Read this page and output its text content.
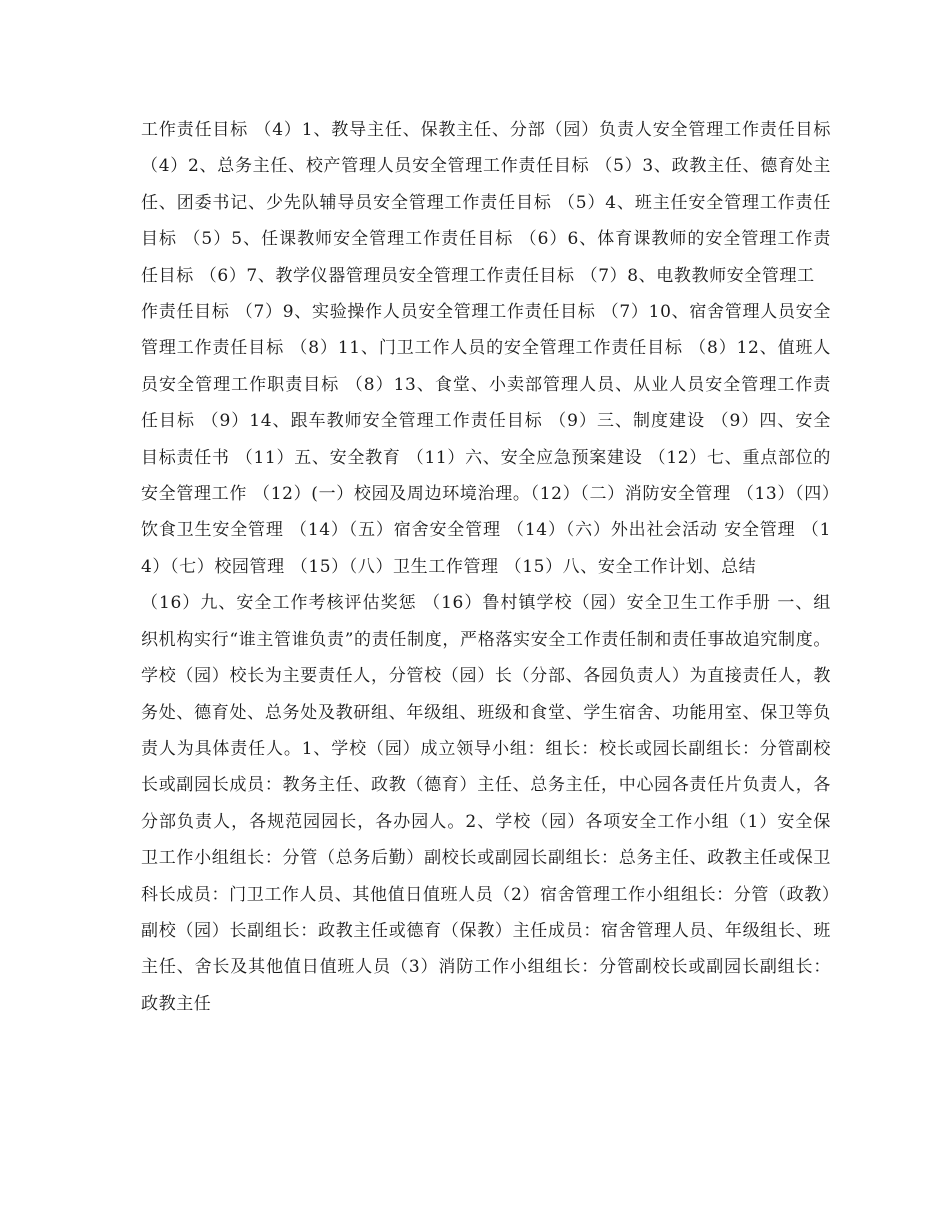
工作责任目标 （4）1、教导主任、保教主任、分部（园）负责人安全管理工作责任目标 （4）2、总务主任、校产管理人员安全管理工作责任目标 （5）3、政教主任、德育处主任、团委书记、少先队辅导员安全管理工作责任目标 （5）4、班主任安全管理工作责任目标 （5）5、任课教师安全管理工作责任目标 （6）6、体育课教师的安全管理工作责任目标 （6）7、教学仪器管理员安全管理工作责任目标 （7）8、电教教师安全管理工

作责任目标 （7）9、实验操作人员安全管理工作责任目标 （7）10、宿舍管理人员安全管理工作责任目标 （8）11、门卫工作人员的安全管理工作责任目标 （8）12、值班人员安全管理工作职责目标 （8）13、食堂、小卖部管理人员、从业人员安全管理工作责任目标 （9）14、跟车教师安全管理工作责任目标 （9）三、制度建设 （9）四、安全目标责任书 （11）五、安全教育 （11）六、安全应急预案建设 （12）七、重点部位的安全管理工作 （12）(一）校园及周边环境治理。（12）（二）消防安全管理 （13）（四）饮食卫生安全管理 （14）（五）宿舍安全管理 （14）（六）外出社会活动 安全管理 （14）（七）校园管理 （15）（八）卫生工作管理 （15）八、安全工作计划、总结

（16）九、安全工作考核评估奖惩 （16）鲁村镇学校（园）安全卫生工作手册 一、组织机构实行“谁主管谁负责”的责任制度，严格落实安全工作责任制和责任事故追究制度。学校（园）校长为主要责任人，分管校（园）长（分部、各园负责人）为直接责任人，教务处、德育处、总务处及教研组、年级组、班级和食堂、学生宿舍、功能用室、保卫等负责人为具体责任人。1、学校（园）成立领导小组：组长：校长或园长副组长：分管副校长或副园长成员：教务主任、政教（德育）主任、总务主任，中心园各责任片负责人，各分部负责人，各规范园园长，各办园人。2、学校（园）各项安全工作小组（1）安全保卫工作小组组长：分管（总务后勤）副校长或副园长副组长：总务主任、政教主任或保卫科长成员：门卫工作人员、其他值日值班人员（2）宿舍管理工作小组组长：分管（政教）副校（园）长副组长：政教主任或德育（保教）主任成员：宿舍管理人员、年级组长、班主任、舍长及其他值日值班人员（3）消防工作小组组长：分管副校长或副园长副组长：政教主任
